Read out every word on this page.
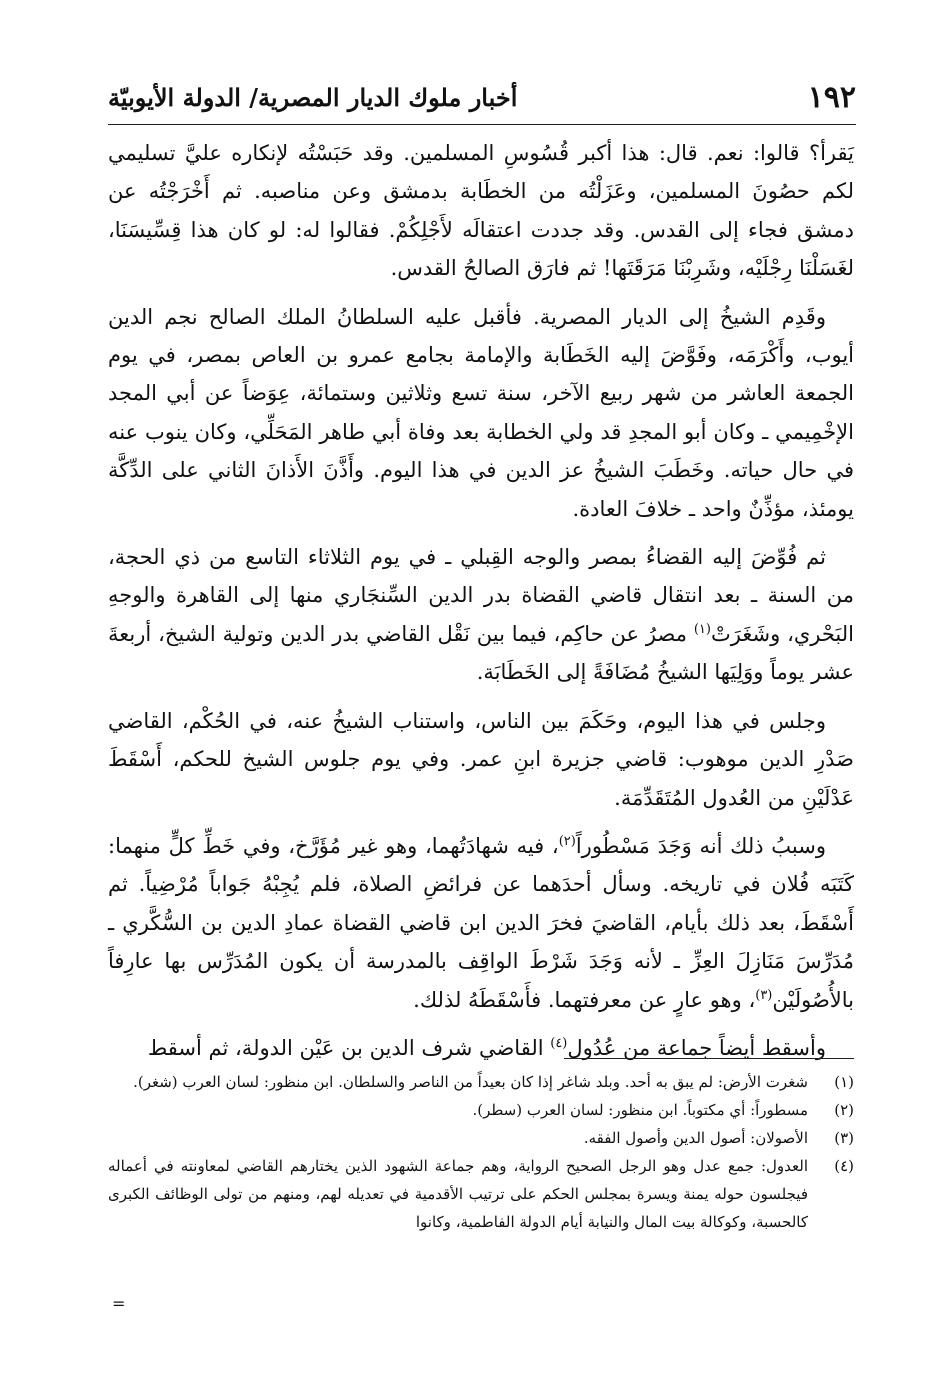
١٩٢
أخبار ملوك الديار المصرية/ الدولة الأيوبيّة

يَقرأ؟ قالوا: نعم. قال: هذا أكبر قُسُوسِ المسلمين. وقد حَبَسْتُه لإنكاره عليَّ تسليمي لكم حصُونَ المسلمين، وعَزَلْتُه من الخطَابة بدمشق وعن مناصبه. ثم أَخْرَجْتُه عن دمشق فجاء إلى القدس. وقد جددت اعتقالَه لأَجْلِكُمْ. فقالوا له: لو كان هذا قِسِّيسَنَا، لغَسَلْنَا رِجْلَيْه، وشَرِبْنَا مَرَقَتَها! ثم فارَق الصالحُ القدس.

وقَدِم الشيخُ إلى الديار المصرية. فأقبل عليه السلطانُ الملك الصالح نجم الدين أيوب، وأَكْرَمَه، وفَوَّضَ إليه الخَطَابة والإمامة بجامع عمرو بن العاص بمصر، في يوم الجمعة العاشر من شهر ربيع الآخر، سنة تسع وثلاثين وستمائة، عِوَضاً عن أبي المجد الإخْمِيمي ـ وكان أبو المجدِ قد ولي الخطابة بعد وفاة أبي طاهر المَحَلِّي، وكان ينوب عنه في حال حياته. وخَطَبَ الشيخُ عز الدين في هذا اليوم. وأَذَّنَ الأَذانَ الثاني على الدِّكَّة يومئذ، مؤذِّنٌ واحد ـ خلافَ العادة.

ثم فُوِّضَ إليه القضاءُ بمصر والوجه القِبلي ـ في يوم الثلاثاء التاسع من ذي الحجة، من السنة ـ بعد انتقال قاضي القضاة بدر الدين السِّنجَاري منها إلى القاهرة والوجهِ البَحْري، وشَغَرَتْ$^{(١)}$ مصرُ عن حاكِم، فيما بين نَقْل القاضي بدر الدين وتولية الشيخ، أربعةَ عشر يوماً ووَلِيَها الشيخُ مُضَافَةً إلى الخَطَابَة.

وجلس في هذا اليوم، وحَكَمَ بين الناس، واستناب الشيخُ عنه، في الحُكْم، القاضي صَدْرِ الدين موهوب: قاضي جزيرة ابنِ عمر. وفي يوم جلوس الشيخ للحكم، أَسْقَطَ عَدْلَيْنِ من العُدول المُتَقَدِّمَة.

وسببُ ذلك أنه وَجَدَ مَسْطُوراً$^{(٢)}$، فيه شهادَتُهما، وهو غير مُؤَرَّخ، وفي خَطِّ كلٍّ منهما: كَتَبَه فُلان في تاريخه. وسأل أحدَهما عن فرائضِ الصلاة، فلم يُجِبْهُ جَواباً مُرْضِياً. ثم أَسْقَطَ، بعد ذلك بأيام، القاضيَ فخرَ الدين ابن قاضي القضاة عمادِ الدين بن السُّكَّري ـ مُدَرِّسَ مَنَازِلَ العِزِّ ـ لأنه وَجَدَ شَرْطَ الواقِف بالمدرسة أن يكون المُدَرِّس بها عارِفاً بالأُصُولَيْن$^{(٣)}$، وهو عارٍ عن معرفتهما. فأَسْقَطَهُ لذلك.

وأسقط أيضاً جماعة من عُدُول$^{(٤)}$ القاضي شرف الدين بن عَيْن الدولة، ثم أسقط

(١)
شغرت الأرض: لم يبق به أحد. وبلد شاغر إذا كان بعيداً من الناصر والسلطان. ابن منظور: لسان العرب (شغر).
(٢)
مسطوراً: أي مكتوباً. ابن منظور: لسان العرب (سطر).
(٣)
الأصولان: أصول الدين وأصول الفقه.
(٤)
العدول: جمع عدل وهو الرجل الصحيح الرواية، وهم جماعة الشهود الذين يختارهم القاضي لمعاونته في أعماله فيجلسون حوله يمنة ويسرة بمجلس الحكم على ترتيب الأقدمية في تعديله لهم، ومنهم من تولى الوظائف الكبرى كالحسبة، وكوكالة بيت المال والنيابة أيام الدولة الفاطمية، وكانوا
=
